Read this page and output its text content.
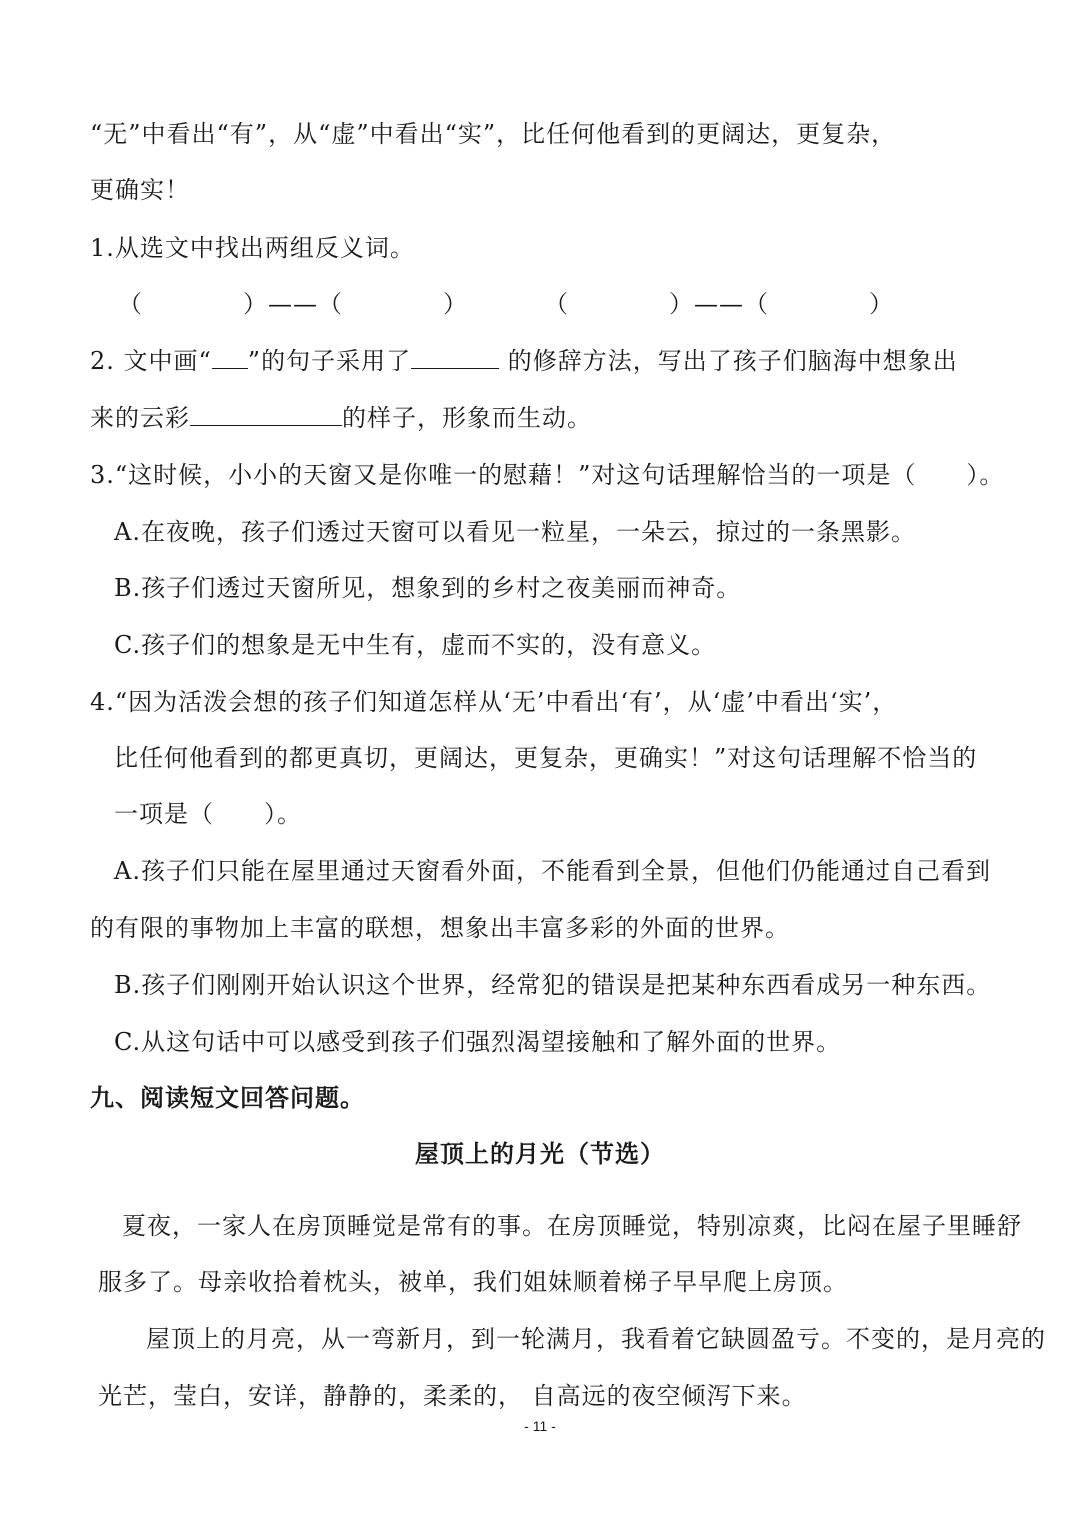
“无”中看出“有”，从“虚”中看出“实”，比任何他看到的更阔达，更复杂，
更确实！
1.从选文中找出两组反义词。
（　　　　）——（　　　　）　　　　（　　　　）——（　　　　）
2. 文中画“ ”的句子采用了	的修辞方法，写出了孩子们脑海中想象出
来的云彩	的样子，形象而生动。
3.“这时候，小小的天窗又是你唯一的慰藉！”对这句话理解恰当的一项是（　　）。
A.在夜晚，孩子们透过天窗可以看见一粒星，一朵云，掠过的一条黑影。
B.孩子们透过天窗所见，想象到的乡村之夜美丽而神奇。
C.孩子们的想象是无中生有，虚而不实的，没有意义。
4.“因为活泼会想的孩子们知道怎样从‘无’中看出‘有’，从‘虚’中看出‘实’，
比任何他看到的都更真切，更阔达，更复杂，更确实！”对这句话理解不恰当的
一项是（　　）。
A.孩子们只能在屋里通过天窗看外面，不能看到全景，但他们仍能通过自己看到
的有限的事物加上丰富的联想，想象出丰富多彩的外面的世界。
B.孩子们刚刚开始认识这个世界，经常犯的错误是把某种东西看成另一种东西。
C.从这句话中可以感受到孩子们强烈渴望接触和了解外面的世界。
九、阅读短文回答问题。
屋顶上的月光（节选）
夏夜，一家人在房顶睡觉是常有的事。在房顶睡觉，特别凉爽，比闷在屋子里睡舒
服多了。母亲收拾着枕头，被单，我们姐妹顺着梯子早早爬上房顶。
屋顶上的月亮，从一弯新月，到一轮满月，我看着它缺圆盈亏。不变的，是月亮的
光芒，莹白，安详，静静的，柔柔的， 自高远的夜空倾泻下来。
- 11 -
